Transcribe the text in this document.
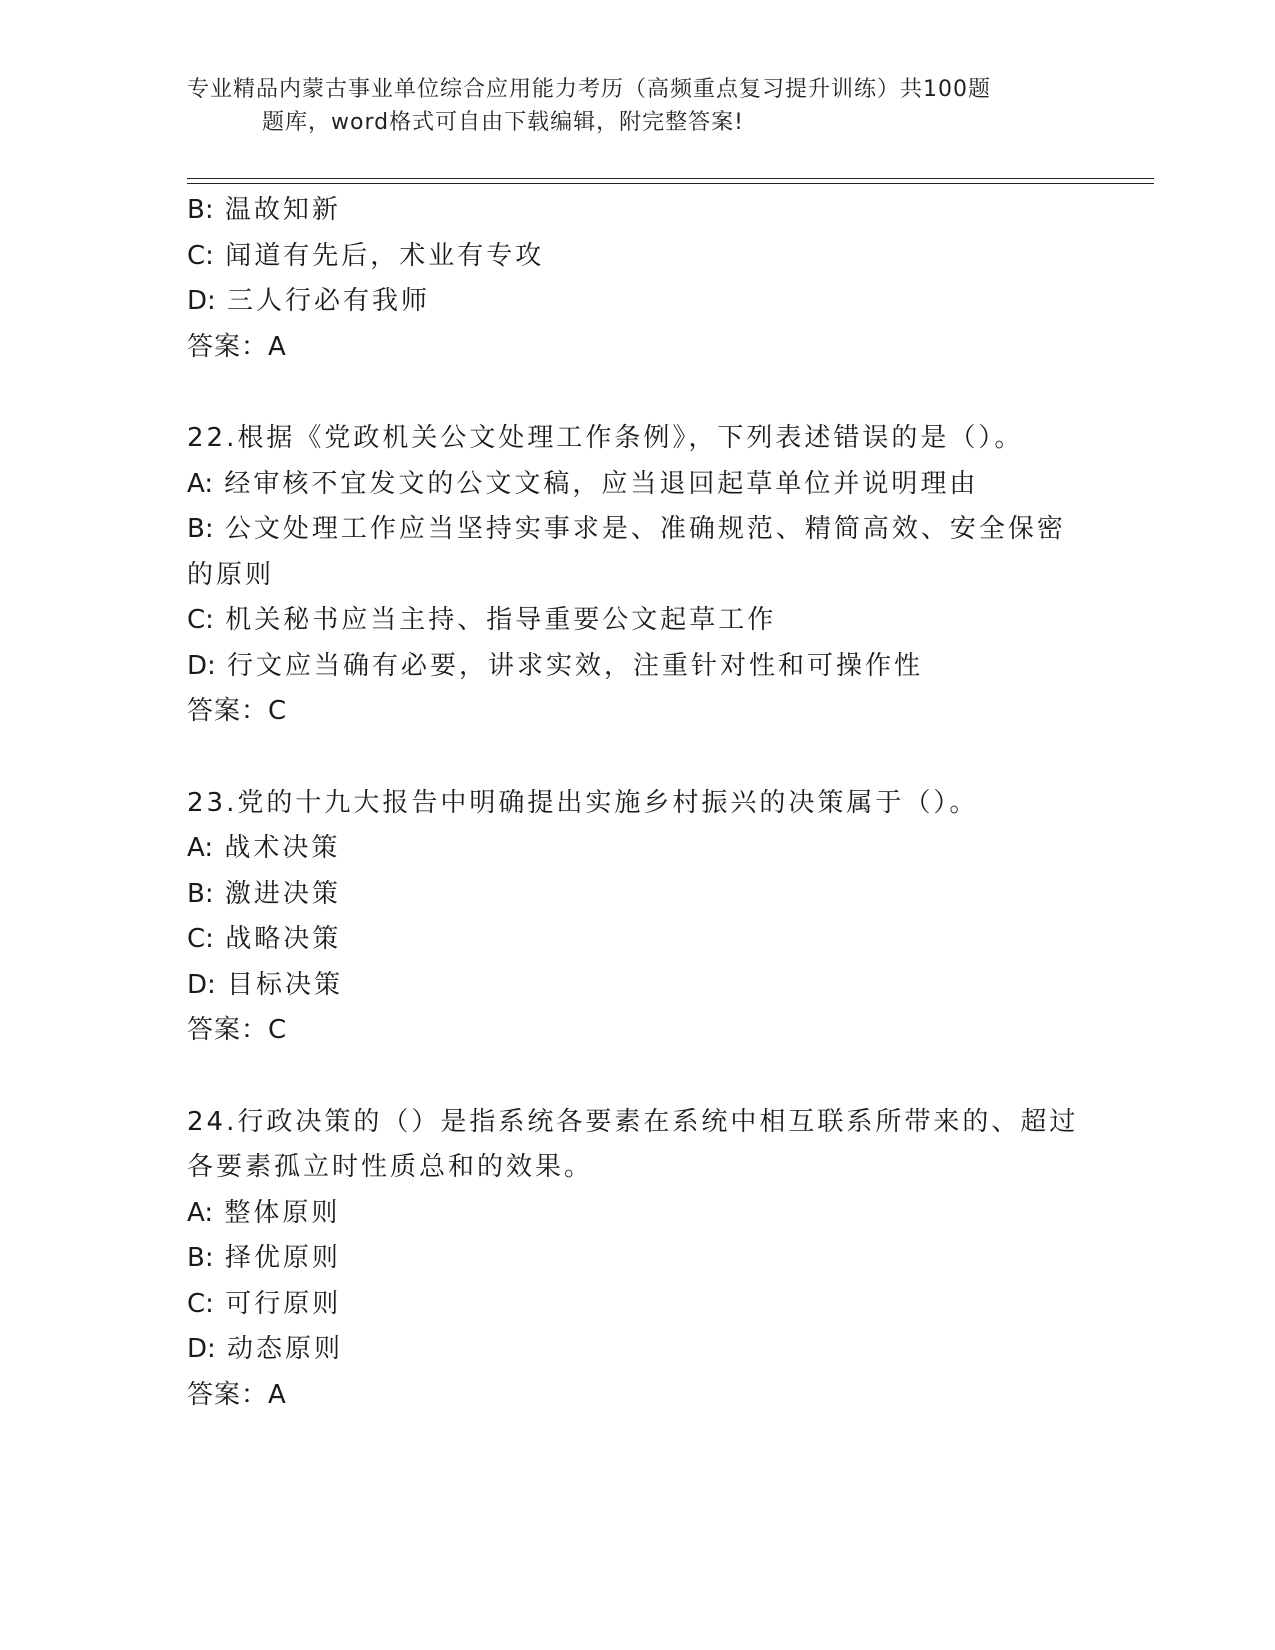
专业精品内蒙古事业单位综合应用能力考历（高频重点复习提升训练）共100题
题库，word格式可自由下载编辑，附完整答案!
B: 温故知新
C: 闻道有先后，术业有专攻
D: 三人行必有我师
答案：A
22.根据《党政机关公文处理工作条例》，下列表述错误的是（）。
A: 经审核不宜发文的公文文稿，应当退回起草单位并说明理由
B: 公文处理工作应当坚持实事求是、准确规范、精简高效、安全保密的原则
C: 机关秘书应当主持、指导重要公文起草工作
D: 行文应当确有必要，讲求实效，注重针对性和可操作性
答案：C
23.党的十九大报告中明确提出实施乡村振兴的决策属于（）。
A: 战术决策
B: 激进决策
C: 战略决策
D: 目标决策
答案：C
24.行政决策的（）是指系统各要素在系统中相互联系所带来的、超过各要素孤立时性质总和的效果。
A: 整体原则
B: 择优原则
C: 可行原则
D: 动态原则
答案：A
